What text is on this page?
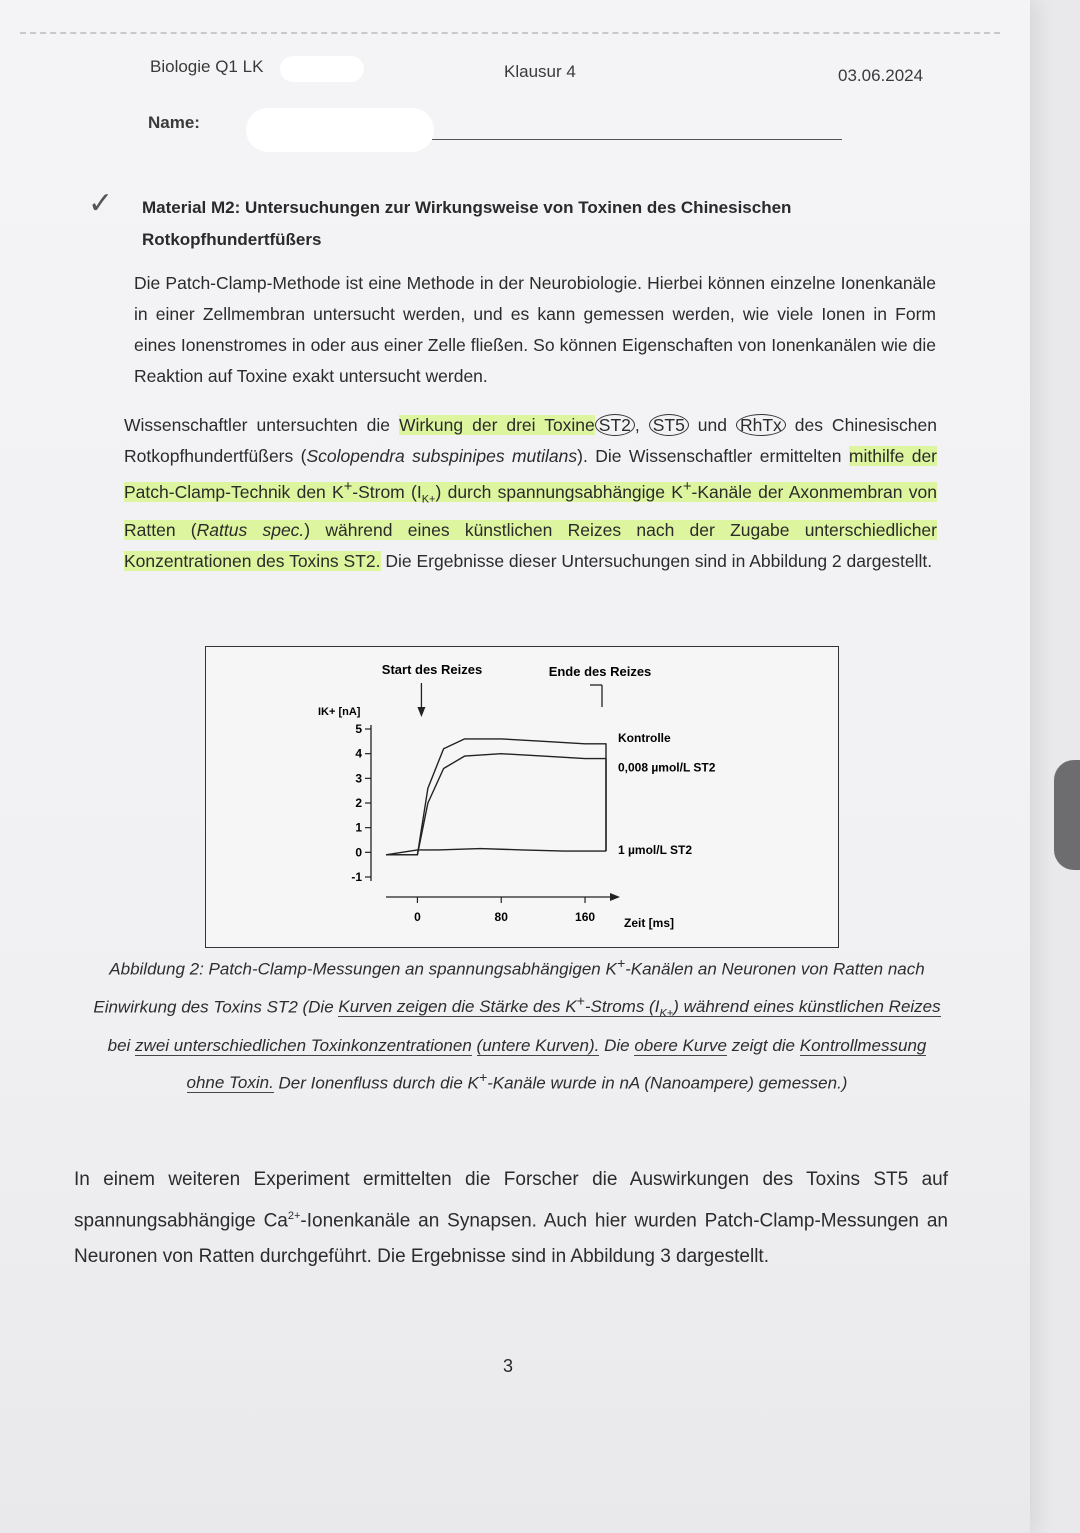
Biologie Q1 LK	Klausur 4	03.06.2024
Name:
✓ Material M2: Untersuchungen zur Wirkungsweise von Toxinen des Chinesischen
Rotkopfhundertfüßers
Die Patch-Clamp-Methode ist eine Methode in der Neurobiologie. Hierbei können einzelne Ionenkanäle in einer Zellmembran untersucht werden, und es kann gemessen werden, wie viele Ionen in Form eines Ionenstromes in oder aus einer Zelle fließen. So können Eigenschaften von Ionenkanälen wie die Reaktion auf Toxine exakt untersucht werden.
Wissenschaftler untersuchten die Wirkung der drei Toxine ST2 , ST5 und RhTx des Chinesischen Rotkopfhundertfüßers (Scolopendra subspinipes mutilans). Die Wissenschaftler ermittelten mithilfe der Patch-Clamp-Technik den K+-Strom $(I_{K+})$ durch spannungsabhängige K+-Kanäle der Axonmembran von Ratten (Rattus spec.) während eines künstlichen Reizes nach der Zugabe unterschiedlicher Konzentrationen des Toxins ST2. Die Ergebnisse dieser Untersuchungen sind in Abbildung 2 dargestellt.
Start des Reizes	Ende des Reizes
IK+ [nA]
Zeit [ms]
5
4
3
2
1
0
-1
0	80	160
Kontrolle
0,008 µmol/L ST2
1 µmol/L ST2
Abbildung 2: Patch-Clamp-Messungen an spannungsabhängigen K+-Kanälen an Neuronen von Ratten nach Einwirkung des Toxins ST2 (Die Kurven zeigen die Stärke des K+-Stroms $(I_{K+})$ während eines künstlichen Reizes bei zwei unterschiedlichen Toxinkonzentrationen (untere Kurven). Die obere Kurve zeigt die Kontrollmessung ohne Toxin. Der Ionenfluss durch die K+-Kanäle wurde in nA (Nanoampere) gemessen.)
In einem weiteren Experiment ermittelten die Forscher die Auswirkungen des Toxins ST5 auf spannungsabhängige $Ca^{2+}$-Ionenkanäle an Synapsen. Auch hier wurden Patch-Clamp-Messungen an Neuronen von Ratten durchgeführt. Die Ergebnisse sind in Abbildung 3 dargestellt.
3
